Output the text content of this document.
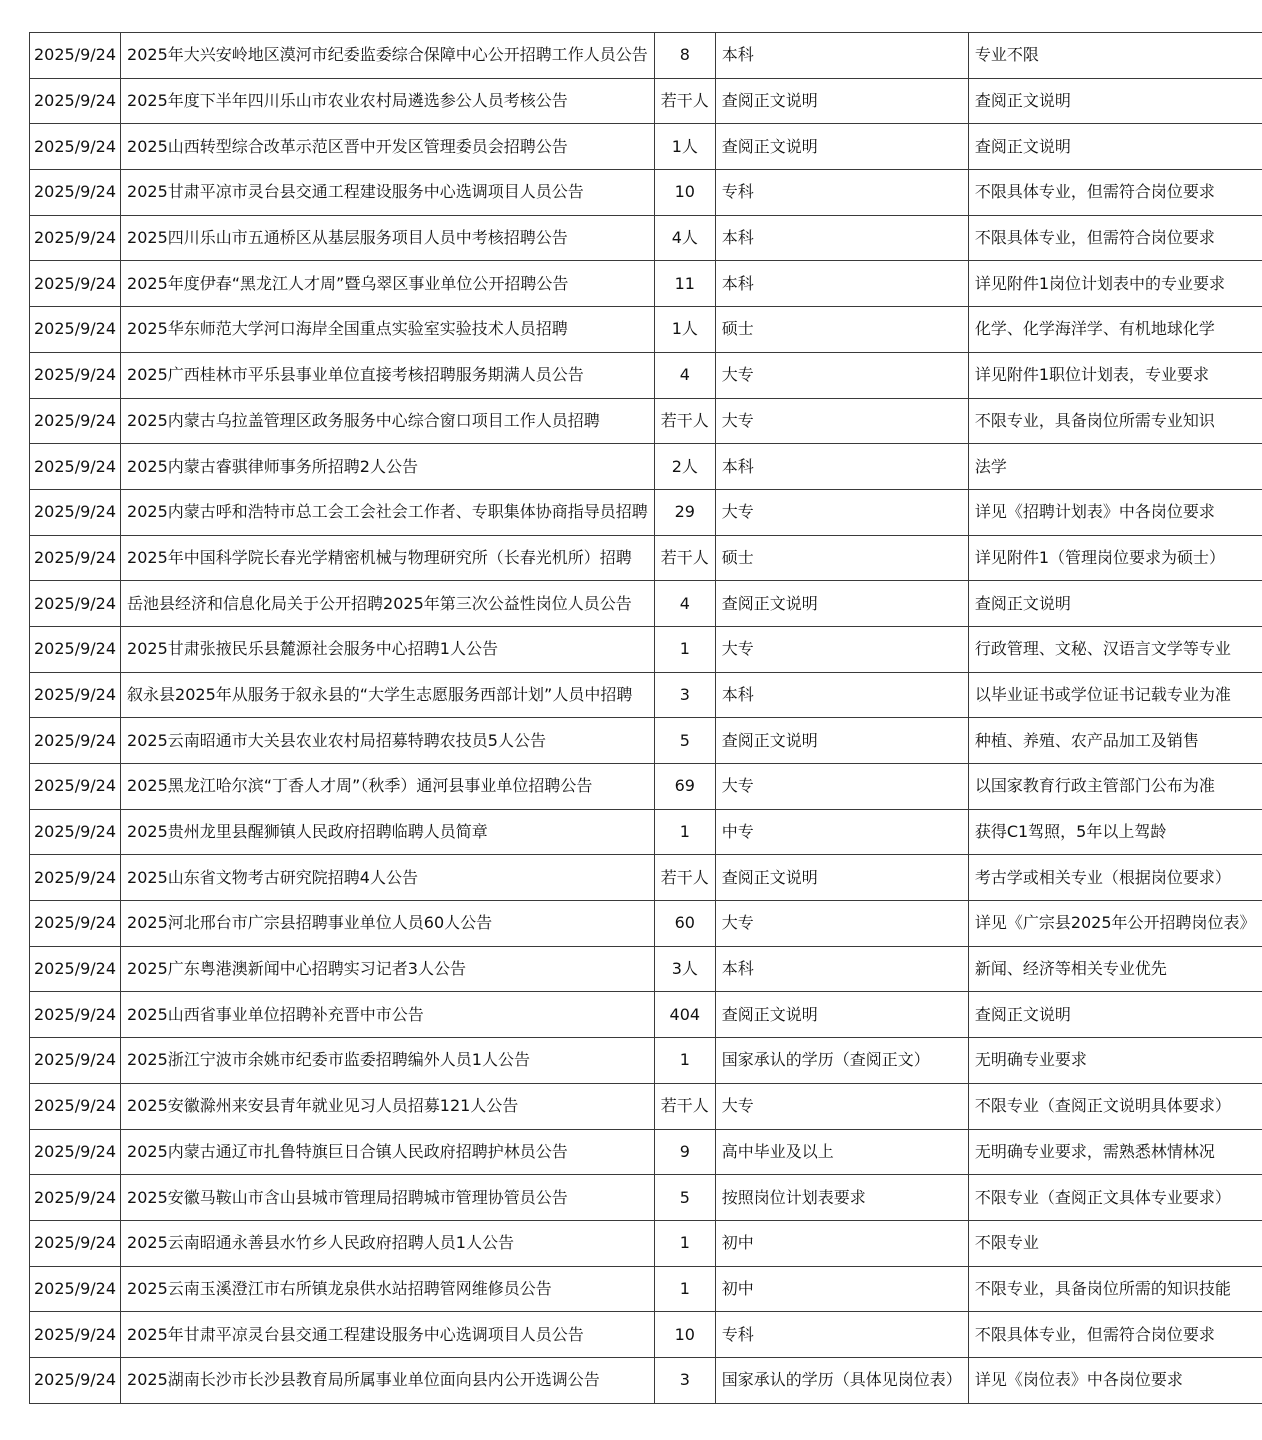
2025/9/24	2025年大兴安岭地区漠河市纪委监委综合保障中心公开招聘工作人员公告	8	本科	专业不限
2025/9/24	2025年度下半年四川乐山市农业农村局遴选参公人员考核公告	若干人	查阅正文说明	查阅正文说明
2025/9/24	2025山西转型综合改革示范区晋中开发区管理委员会招聘公告	1人	查阅正文说明	查阅正文说明
2025/9/24	2025甘肃平凉市灵台县交通工程建设服务中心选调项目人员公告	10	专科	不限具体专业，但需符合岗位要求
2025/9/24	2025四川乐山市五通桥区从基层服务项目人员中考核招聘公告	4人	本科	不限具体专业，但需符合岗位要求
2025/9/24	2025年度伊春“黑龙江人才周”暨乌翠区事业单位公开招聘公告	11	本科	详见附件1岗位计划表中的专业要求
2025/9/24	2025华东师范大学河口海岸全国重点实验室实验技术人员招聘	1人	硕士	化学、化学海洋学、有机地球化学
2025/9/24	2025广西桂林市平乐县事业单位直接考核招聘服务期满人员公告	4	大专	详见附件1职位计划表，专业要求
2025/9/24	2025内蒙古乌拉盖管理区政务服务中心综合窗口项目工作人员招聘	若干人	大专	不限专业，具备岗位所需专业知识
2025/9/24	2025内蒙古睿骐律师事务所招聘2人公告	2人	本科	法学
2025/9/24	2025内蒙古呼和浩特市总工会工会社会工作者、专职集体协商指导员招聘	29	大专	详见《招聘计划表》中各岗位要求
2025/9/24	2025年中国科学院长春光学精密机械与物理研究所（长春光机所）招聘	若干人	硕士	详见附件1（管理岗位要求为硕士）
2025/9/24	岳池县经济和信息化局关于公开招聘2025年第三次公益性岗位人员公告	4	查阅正文说明	查阅正文说明
2025/9/24	2025甘肃张掖民乐县麓源社会服务中心招聘1人公告	1	大专	行政管理、文秘、汉语言文学等专业
2025/9/24	叙永县2025年从服务于叙永县的“大学生志愿服务西部计划”人员中招聘	3	本科	以毕业证书或学位证书记载专业为准
2025/9/24	2025云南昭通市大关县农业农村局招募特聘农技员5人公告	5	查阅正文说明	种植、养殖、农产品加工及销售
2025/9/24	2025黑龙江哈尔滨“丁香人才周”（秋季）通河县事业单位招聘公告	69	大专	以国家教育行政主管部门公布为准
2025/9/24	2025贵州龙里县醒狮镇人民政府招聘临聘人员简章	1	中专	获得C1驾照，5年以上驾龄
2025/9/24	2025山东省文物考古研究院招聘4人公告	若干人	查阅正文说明	考古学或相关专业（根据岗位要求）
2025/9/24	2025河北邢台市广宗县招聘事业单位人员60人公告	60	大专	详见《广宗县2025年公开招聘岗位表》
2025/9/24	2025广东粤港澳新闻中心招聘实习记者3人公告	3人	本科	新闻、经济等相关专业优先
2025/9/24	2025山西省事业单位招聘补充晋中市公告	404	查阅正文说明	查阅正文说明
2025/9/24	2025浙江宁波市余姚市纪委市监委招聘编外人员1人公告	1	国家承认的学历（查阅正文）	无明确专业要求
2025/9/24	2025安徽滁州来安县青年就业见习人员招募121人公告	若干人	大专	不限专业（查阅正文说明具体要求）
2025/9/24	2025内蒙古通辽市扎鲁特旗巨日合镇人民政府招聘护林员公告	9	高中毕业及以上	无明确专业要求，需熟悉林情林况
2025/9/24	2025安徽马鞍山市含山县城市管理局招聘城市管理协管员公告	5	按照岗位计划表要求	不限专业（查阅正文具体专业要求）
2025/9/24	2025云南昭通永善县水竹乡人民政府招聘人员1人公告	1	初中	不限专业
2025/9/24	2025云南玉溪澄江市右所镇龙泉供水站招聘管网维修员公告	1	初中	不限专业，具备岗位所需的知识技能
2025/9/24	2025年甘肃平凉灵台县交通工程建设服务中心选调项目人员公告	10	专科	不限具体专业，但需符合岗位要求
2025/9/24	2025湖南长沙市长沙县教育局所属事业单位面向县内公开选调公告	3	国家承认的学历（具体见岗位表）	详见《岗位表》中各岗位要求
